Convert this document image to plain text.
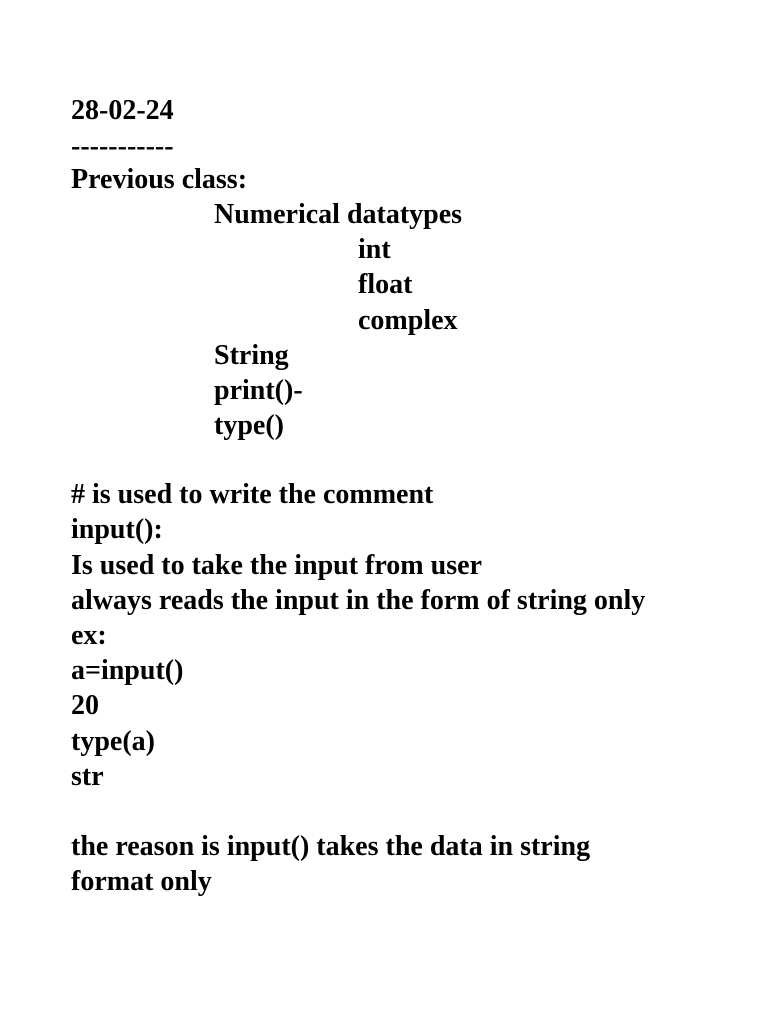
28-02-24
-----------
Previous class:
Numerical datatypes
int
float
complex
String
print()-
type()
# is used to write the comment
input():
Is used to take the input from user
always reads the input in the form of string only
ex:
a=input()
20
type(a)
str
the reason is input() takes the data in string
format only
